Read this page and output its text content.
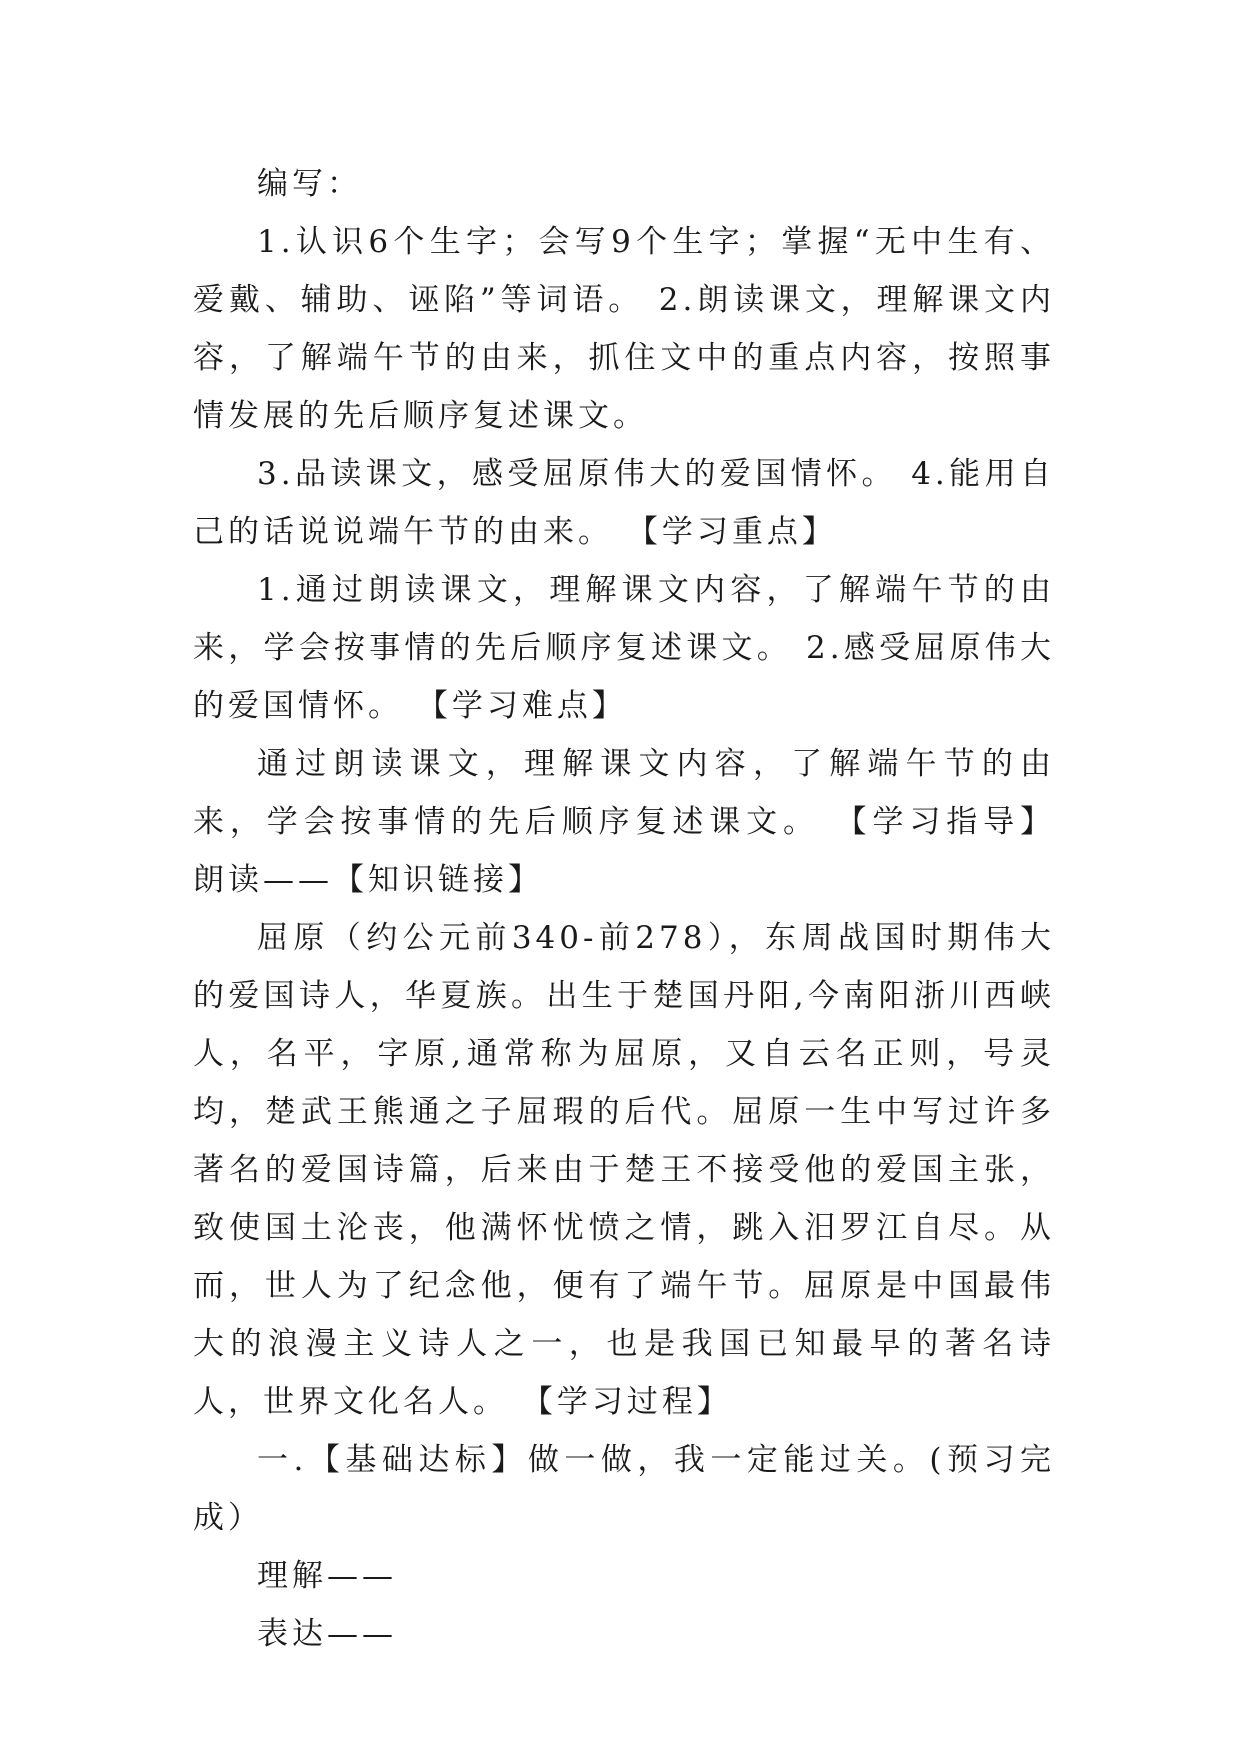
编写：

1.认识6个生字；会写9个生字；掌握“无中生有、爱戴、辅助、诬陷”等词语。 2.朗读课文，理解课文内容，了解端午节的由来，抓住文中的重点内容，按照事情发展的先后顺序复述课文。

3.品读课文，感受屈原伟大的爱国情怀。 4.能用自己的话说说端午节的由来。 【学习重点】

1.通过朗读课文，理解课文内容，了解端午节的由来，学会按事情的先后顺序复述课文。 2.感受屈原伟大的爱国情怀。 【学习难点】

通过朗读课文，理解课文内容，了解端午节的由来，学会按事情的先后顺序复述课文。 【学习指导】 朗读——【知识链接】

屈原（约公元前340-前278），东周战国时期伟大的爱国诗人，华夏族。出生于楚国丹阳,今南阳浙川西峡人，名平，字原,通常称为屈原，又自云名正则，号灵均，楚武王熊通之子屈瑕的后代。屈原一生中写过许多著名的爱国诗篇，后来由于楚王不接受他的爱国主张，致使国土沦丧，他满怀忧愤之情，跳入汨罗江自尽。从而，世人为了纪念他，便有了端午节。屈原是中国最伟大的浪漫主义诗人之一，也是我国已知最早的著名诗人，世界文化名人。 【学习过程】

一.【基础达标】做一做，我一定能过关。(预习完成）

理解——

表达——
